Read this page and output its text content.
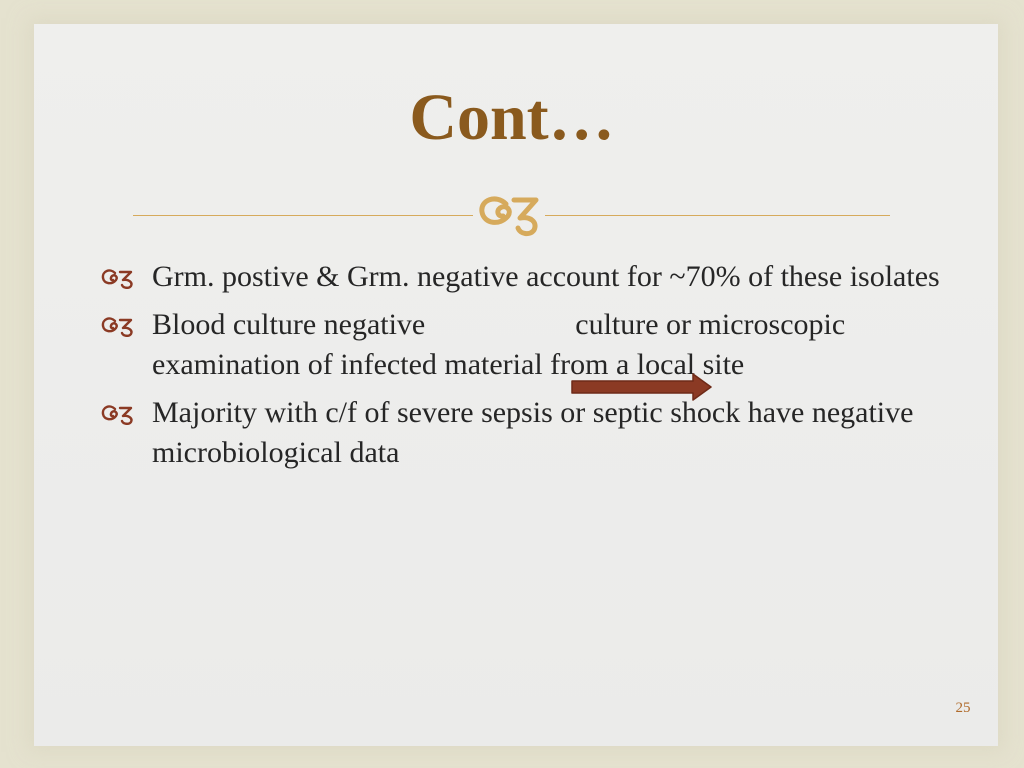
Cont…
Grm. postive & Grm. negative account for ~70% of these isolates
Blood culture negative	culture or microscopic examination of infected material from a local site
Majority with c/f of severe sepsis or septic shock have negative microbiological data
25
